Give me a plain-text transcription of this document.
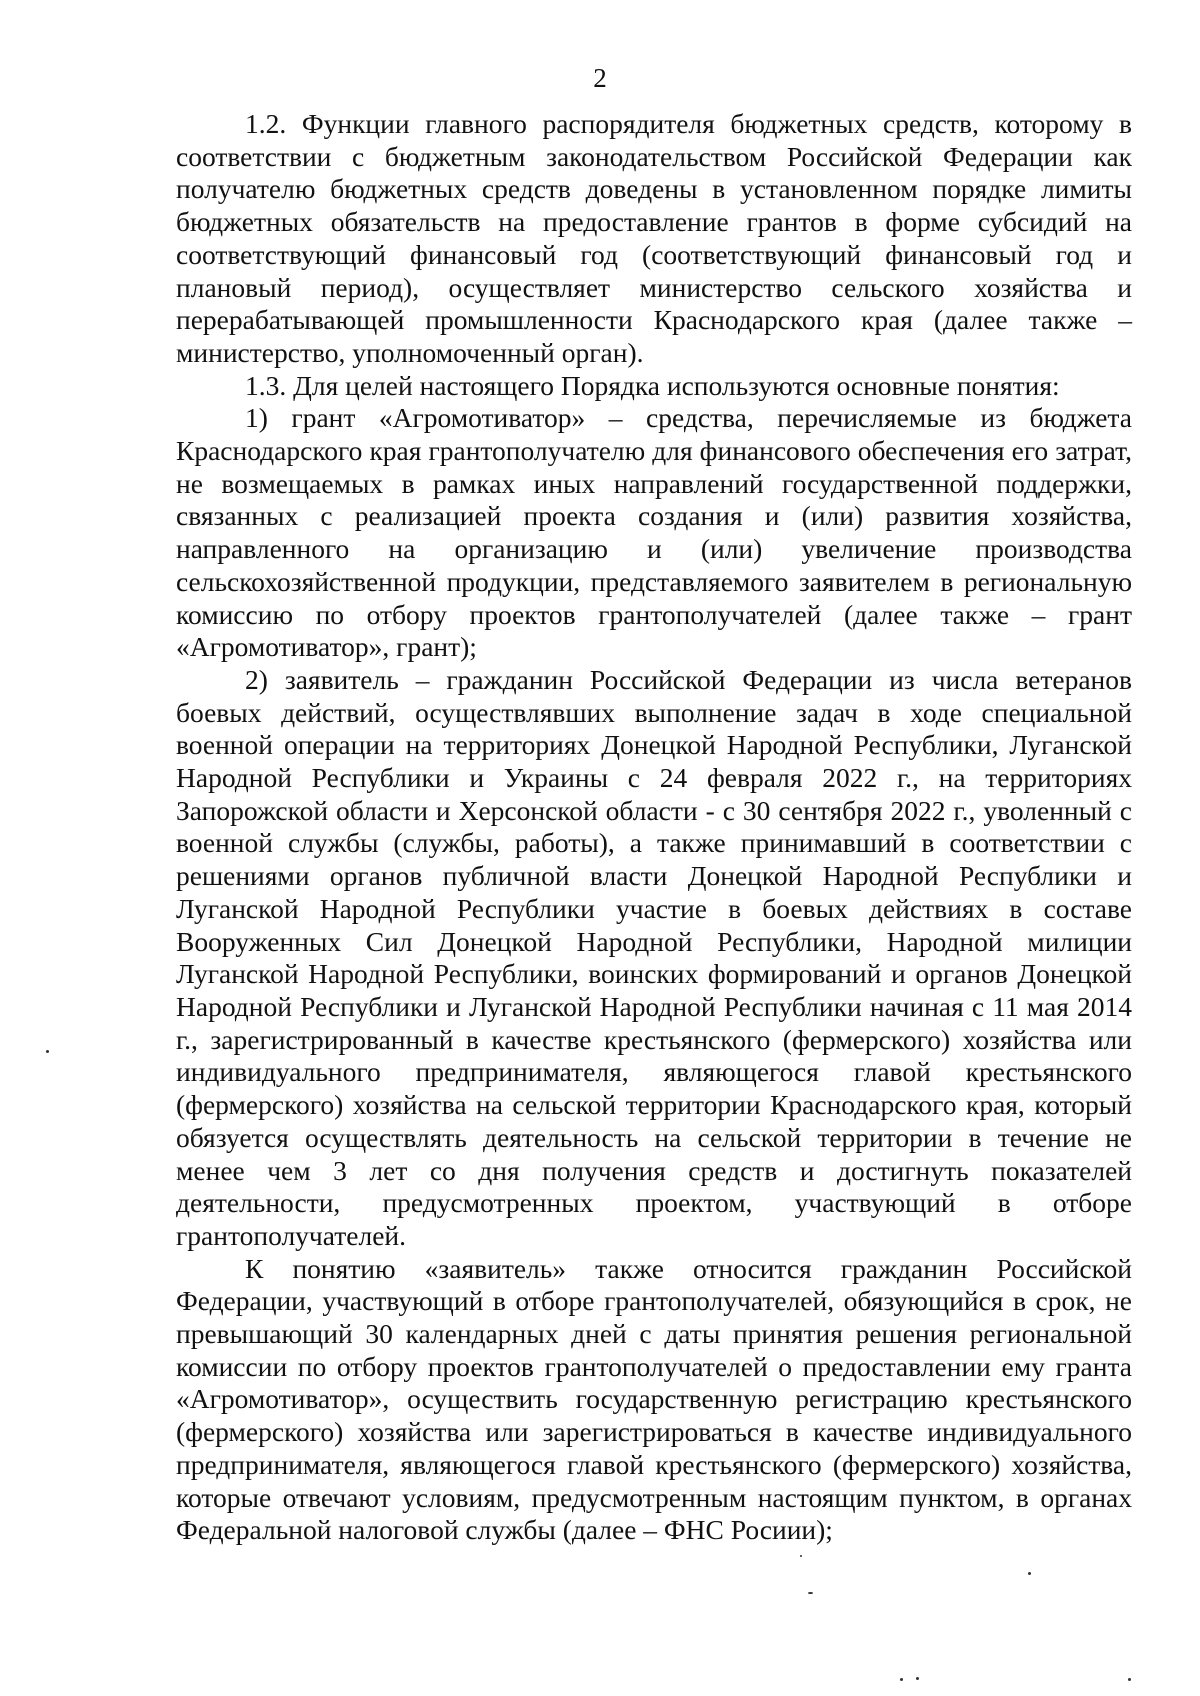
2

1.2. Функции главного распорядителя бюджетных средств, которому в соответствии с бюджетным законодательством Российской Федерации как получателю бюджетных средств доведены в установленном порядке лимиты бюджетных обязательств на предоставление грантов в форме субсидий на соответствующий финансовый год (соответствующий финансовый год и плановый период), осуществляет министерство сельского хозяйства и перерабатывающей промышленности Краснодарского края (далее также – министерство, уполномоченный орган).

1.3. Для целей настоящего Порядка используются основные понятия:

1) грант «Агромотиватор» – средства, перечисляемые из бюджета Краснодарского края грантополучателю для финансового обеспечения его затрат, не возмещаемых в рамках иных направлений государственной поддержки, связанных с реализацией проекта создания и (или) развития хозяйства, направленного на организацию и (или) увеличение производства сельскохозяйственной продукции, представляемого заявителем в региональную комиссию по отбору проектов грантополучателей (далее также – грант «Агромотиватор», грант);

2) заявитель – гражданин Российской Федерации из числа ветеранов боевых действий, осуществлявших выполнение задач в ходе специальной военной операции на территориях Донецкой Народной Республики, Луганской Народной Республики и Украины с 24 февраля 2022 г., на территориях Запорожской области и Херсонской области - с 30 сентября 2022 г., уволенный с военной службы (службы, работы), а также принимавший в соответствии с решениями органов публичной власти Донецкой Народной Республики и Луганской Народной Республики участие в боевых действиях в составе Вооруженных Сил Донецкой Народной Республики, Народной милиции Луганской Народной Республики, воинских формирований и органов Донецкой Народной Республики и Луганской Народной Республики начиная с 11 мая 2014 г., зарегистрированный в качестве крестьянского (фермерского) хозяйства или индивидуального предпринимателя, являющегося главой крестьянского (фермерского) хозяйства на сельской территории Краснодарского края, который обязуется осуществлять деятельность на сельской территории в течение не менее чем 3 лет со дня получения средств и достигнуть показателей деятельности, предусмотренных проектом, участвующий в отборе грантополучателей.

К понятию «заявитель» также относится гражданин Российской Федерации, участвующий в отборе грантополучателей, обязующийся в срок, не превышающий 30 календарных дней с даты принятия решения региональной комиссии по отбору проектов грантополучателей о предоставлении ему гранта «Агромотиватор», осуществить государственную регистрацию крестьянского (фермерского) хозяйства или зарегистрироваться в качестве индивидуального предпринимателя, являющегося главой крестьянского (фермерского) хозяйства, которые отвечают условиям, предусмотренным настоящим пунктом, в органах Федеральной налоговой службы (далее – ФНС Росиии);
